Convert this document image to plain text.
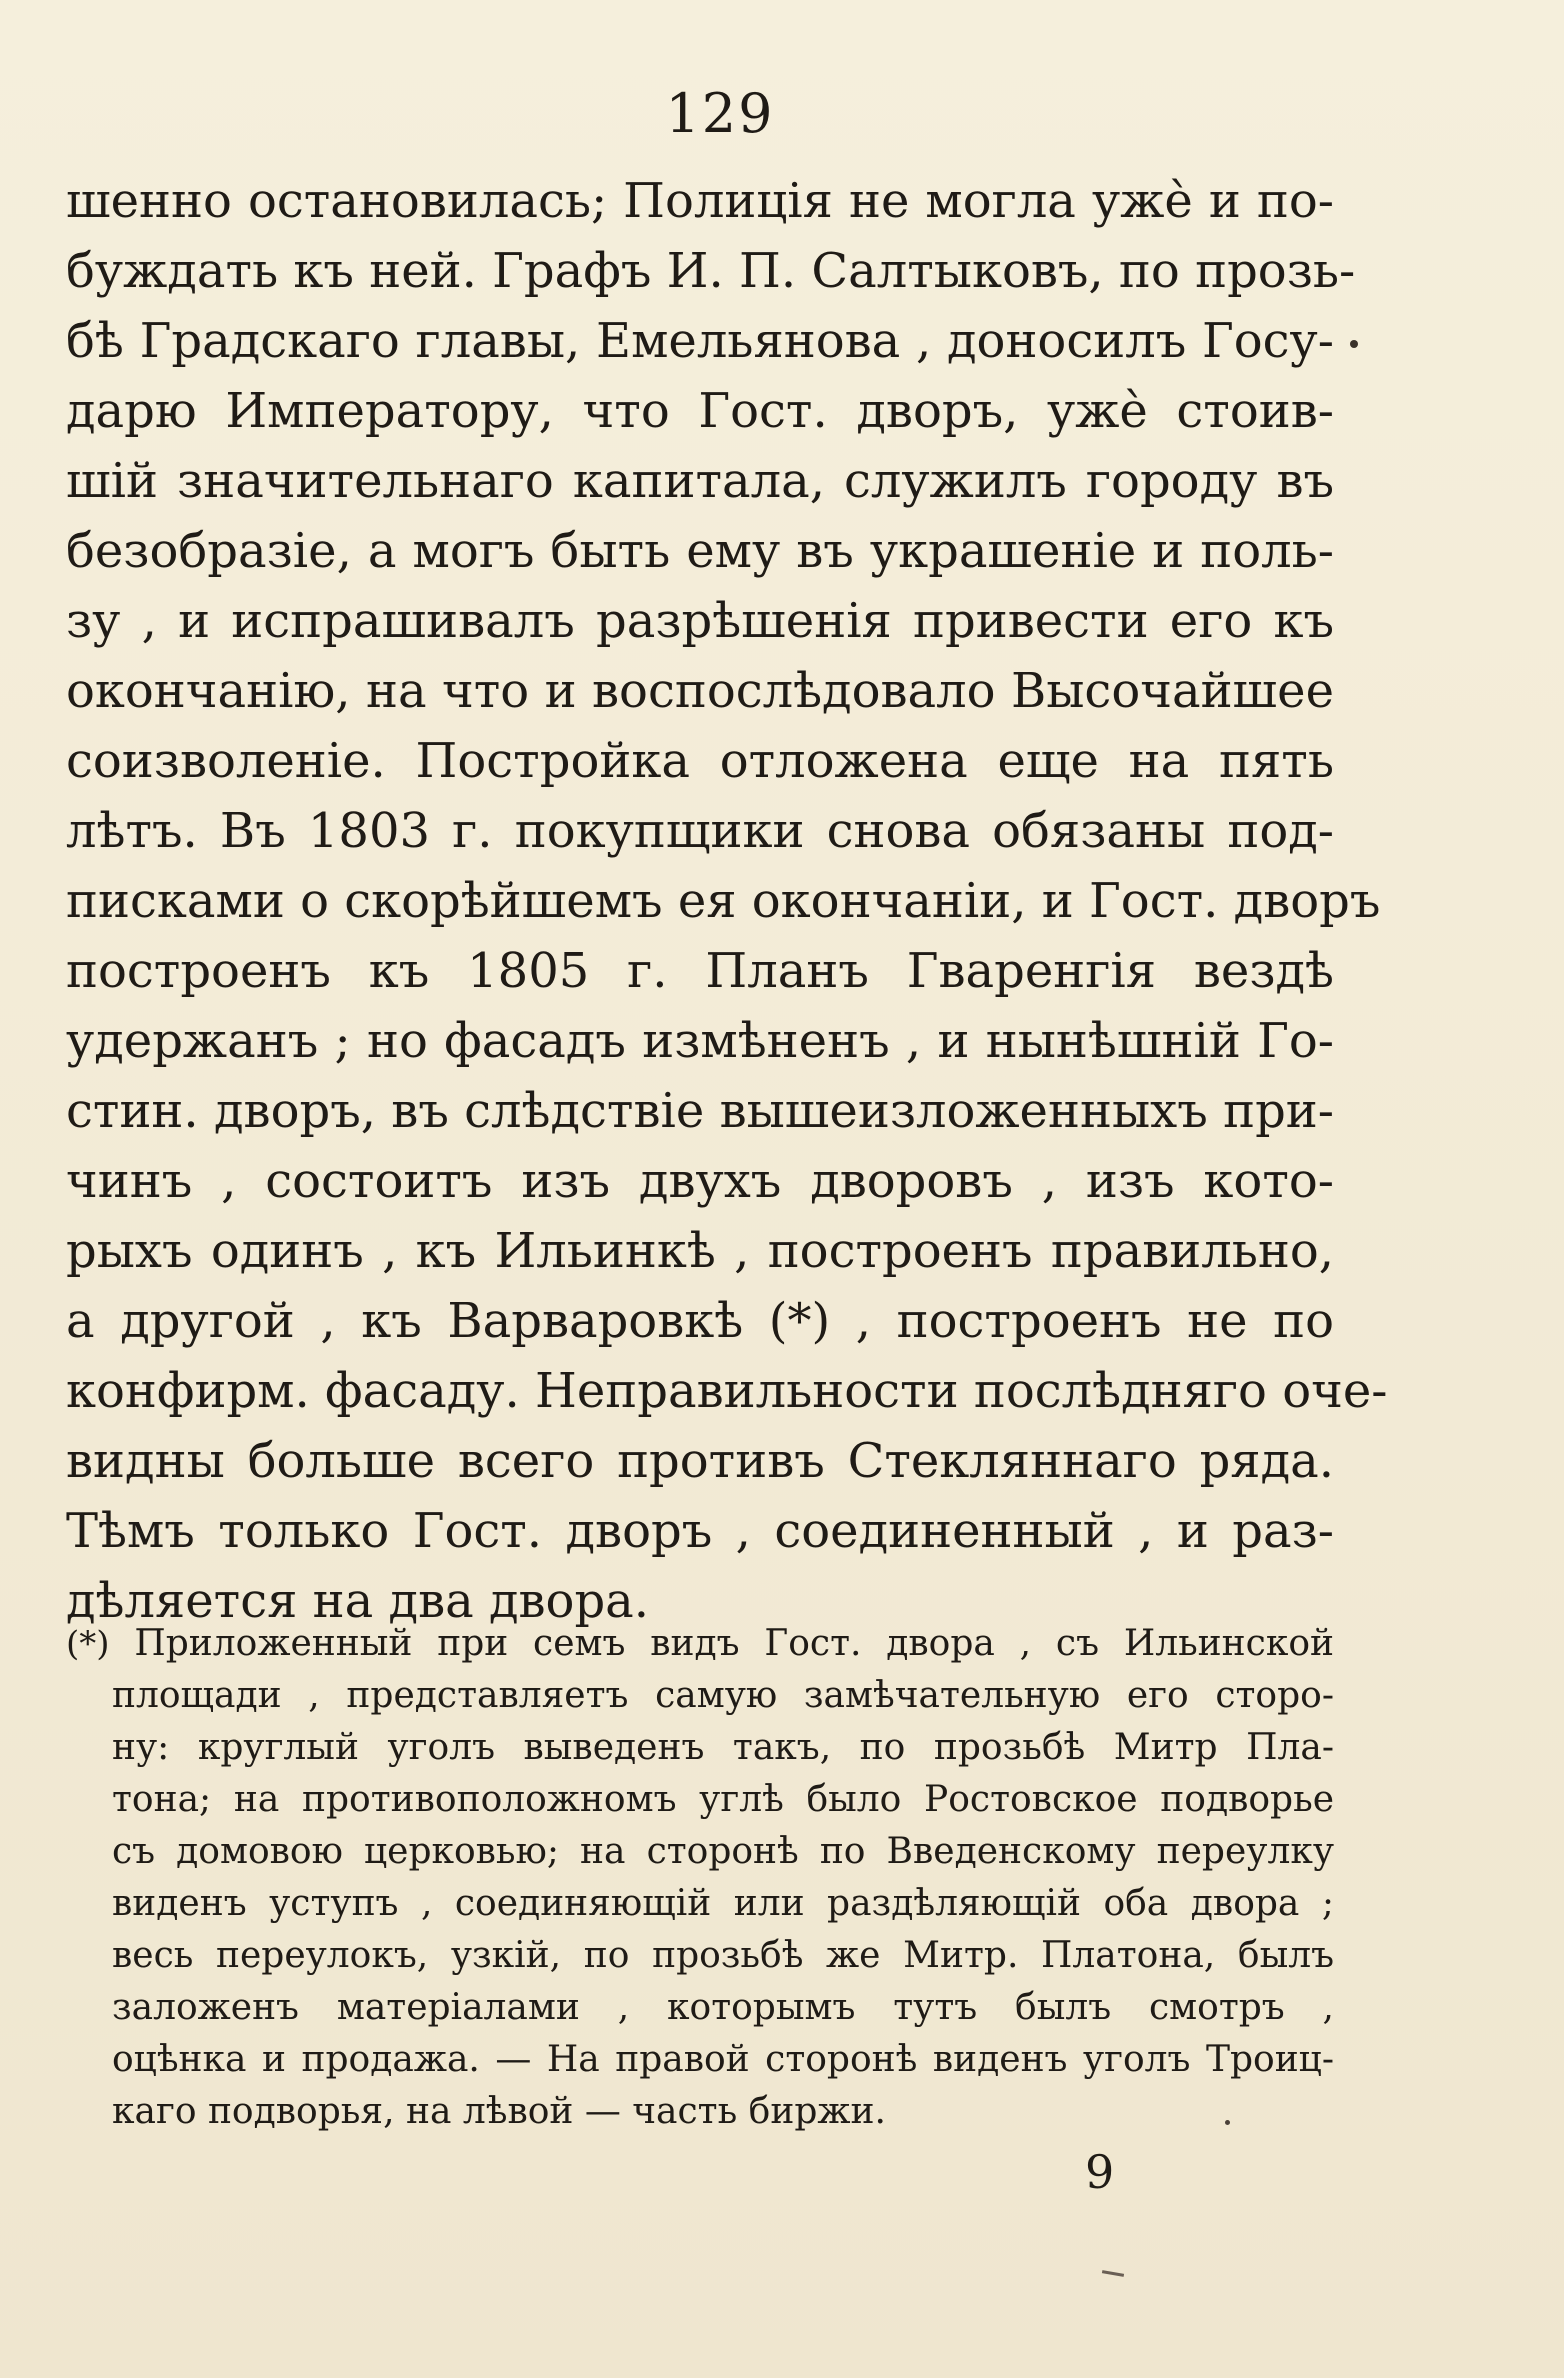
129
шенно остановилась; Полиція не могла ужѐ и по-
буждать къ ней. Графъ И. П. Салтыковъ, по прозь-
бѣ Градскаго главы, Емельянова , доносилъ Госу-
дарю Императору, что Гост. дворъ, ужѐ стоив-
шій значительнаго капитала, служилъ городу въ
безобразіе, а могъ быть ему въ украшеніе и поль-
зу , и испрашивалъ разрѣшенія привести его къ
окончанію, на что и воспослѣдовало Высочайшее
соизволеніе. Постройка отложена еще на пять
лѣтъ. Въ 1803 г. покупщики снова обязаны под-
писками о скорѣйшемъ ея окончаніи, и Гост. дворъ
построенъ къ 1805 г. Планъ Гваренгія вездѣ
удержанъ ; но фасадъ измѣненъ , и нынѣшній Го-
стин. дворъ, въ слѣдствіе вышеизложенныхъ при-
чинъ , состоитъ изъ двухъ дворовъ , изъ кото-
рыхъ одинъ , къ Ильинкѣ , построенъ правильно,
а другой , къ Варваровкѣ (*) , построенъ не по
конфирм. фасаду. Неправильности послѣдняго оче-
видны больше всего противъ Стекляннаго ряда.
Тѣмъ только Гост. дворъ , соединенный , и раз-
дѣляется на два двора.
(*) Приложенный при семъ видъ Гост. двора , съ Ильинской
площади , представляетъ самую замѣчательную его сторо-
ну: круглый уголъ выведенъ такъ, по прозьбѣ Митр Пла-
тона; на противоположномъ углѣ было Ростовское подворье
съ домовою церковью; на сторонѣ по Введенскому переулку
виденъ уступъ , соединяющій или раздѣляющій оба двора ;
весь переулокъ, узкій, по прозьбѣ же Митр. Платона, былъ
заложенъ матеріалами , которымъ тутъ былъ смотръ ,
оцѣнка и продажа. — На правой сторонѣ виденъ уголъ Троиц-
каго подворья, на лѣвой — часть биржи.
9
